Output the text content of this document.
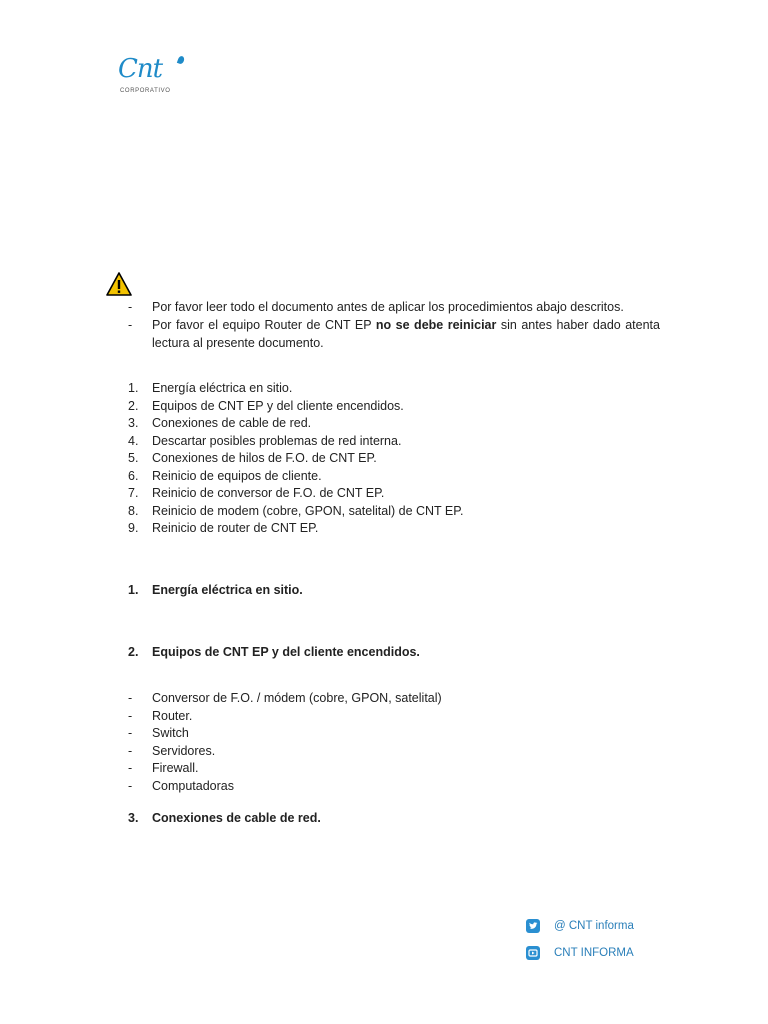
Cnt
CORPORATIVO
- Por favor leer todo el documento antes de aplicar los procedimientos abajo descritos.
- Por favor el equipo Router de CNT EP no se debe reiniciar sin antes haber dado atenta lectura al presente documento.
1. Energía eléctrica en sitio.
2. Equipos de CNT EP y del cliente encendidos.
3. Conexiones de cable de red.
4. Descartar posibles problemas de red interna.
5. Conexiones de hilos de F.O. de CNT EP.
6. Reinicio de equipos de cliente.
7. Reinicio de conversor de F.O. de CNT EP.
8. Reinicio de modem (cobre, GPON, satelital) de CNT EP.
9. Reinicio de router de CNT EP.
1. Energía eléctrica en sitio.
2. Equipos de CNT EP y del cliente encendidos.
- Conversor de F.O. / módem (cobre, GPON, satelital)
- Router.
- Switch
- Servidores.
- Firewall.
- Computadoras
3. Conexiones de cable de red.
@ CNT informa
CNT INFORMA
